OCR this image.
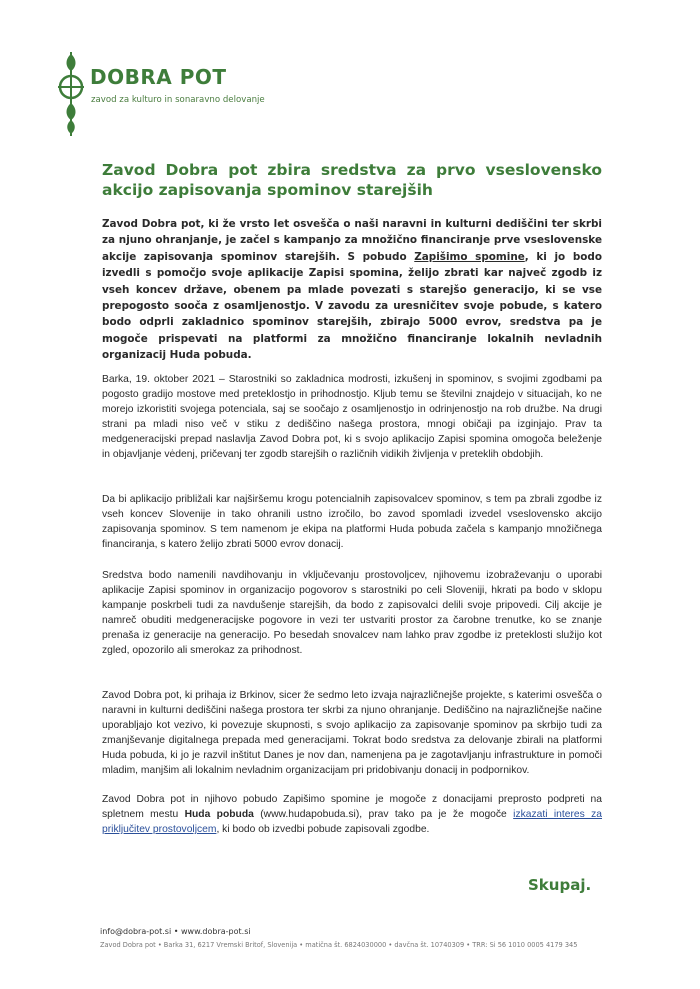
DOBRA POT
zavod za kulturo in sonaravno delovanje
Zavod Dobra pot zbira sredstva za prvo vseslovensko akcijo zapisovanja spominov starejših

Zavod Dobra pot, ki že vrsto let osvešča o naši naravni in kulturni dediščini ter skrbi za njuno ohranjanje, je začel s kampanjo za množično financiranje prve vseslovenske akcije zapisovanja spominov starejših. S pobudo Zapišimo spomine, ki jo bodo izvedli s pomočjo svoje aplikacije Zapisi spomina, želijo zbrati kar največ zgodb iz vseh koncev države, obenem pa mlade povezati s starejšo generacijo, ki se vse prepogosto sooča z osamljenostjo. V zavodu za uresničitev svoje pobude, s katero bodo odprli zakladnico spominov starejših, zbirajo 5000 evrov, sredstva pa je mogoče prispevati na platformi za množično financiranje lokalnih nevladnih organizacij Huda pobuda.

Barka, 19. oktober 2021 – Starostniki so zakladnica modrosti, izkušenj in spominov, s svojimi zgodbami pa pogosto gradijo mostove med preteklostjo in prihodnostjo. Kljub temu se številni znajdejo v situacijah, ko ne morejo izkoristiti svojega potenciala, saj se soočajo z osamljenostjo in odrinjenostjo na rob družbe. Na drugi strani pa mladi niso več v stiku z dediščino našega prostora, mnogi običaji pa izginjajo. Prav ta medgeneracijski prepad naslavlja Zavod Dobra pot, ki s svojo aplikacijo Zapisi spomina omogoča beleženje in objavljanje vėdenj, pričevanj ter zgodb starejših o različnih vidikih življenja v preteklih obdobjih.

Da bi aplikacijo približali kar najširšemu krogu potencialnih zapisovalcev spominov, s tem pa zbrali zgodbe iz vseh koncev Slovenije in tako ohranili ustno izročilo, bo zavod spomladi izvedel vseslovensko akcijo zapisovanja spominov. S tem namenom je ekipa na platformi Huda pobuda začela s kampanjo množičnega financiranja, s katero želijo zbrati 5000 evrov donacij.

Sredstva bodo namenili navdihovanju in vključevanju prostovoljcev, njihovemu izobraževanju o uporabi aplikacije Zapisi spominov in organizacijo pogovorov s starostniki po celi Sloveniji, hkrati pa bodo v sklopu kampanje poskrbeli tudi za navdušenje starejših, da bodo z zapisovalci delili svoje pripovedi. Cilj akcije je namreč obuditi medgeneracijske pogovore in vezi ter ustvariti prostor za čarobne trenutke, ko se znanje prenaša iz generacije na generacijo. Po besedah snovalcev nam lahko prav zgodbe iz preteklosti služijo kot zgled, opozorilo ali smerokaz za prihodnost.

Zavod Dobra pot, ki prihaja iz Brkinov, sicer že sedmo leto izvaja najrazličnejše projekte, s katerimi osvešča o naravni in kulturni dediščini našega prostora ter skrbi za njuno ohranjanje. Dediščino na najrazličnejše načine uporabljajo kot vezivo, ki povezuje skupnosti, s svojo aplikacijo za zapisovanje spominov pa skrbijo tudi za zmanjševanje digitalnega prepada med generacijami. Tokrat bodo sredstva za delovanje zbirali na platformi Huda pobuda, ki jo je razvil inštitut Danes je nov dan, namenjena pa je zagotavljanju infrastrukture in pomoči mladim, manjšim ali lokalnim nevladnim organizacijam pri pridobivanju donacij in podpornikov.

Zavod Dobra pot in njihovo pobudo Zapišimo spomine je mogoče z donacijami preprosto podpreti na spletnem mestu Huda pobuda (www.hudapobuda.si), prav tako pa je že mogoče izkazati interes za priključitev prostovoljcem, ki bodo ob izvedbi pobude zapisovali zgodbe.

Skupaj.
info@dobra-pot.si • www.dobra-pot.si
Zavod Dobra pot • Barka 31, 6217 Vremski Britof, Slovenija • matična št. 6824030000 • davčna št. 10740309 • TRR: Si 56 1010 0005 4179 345
